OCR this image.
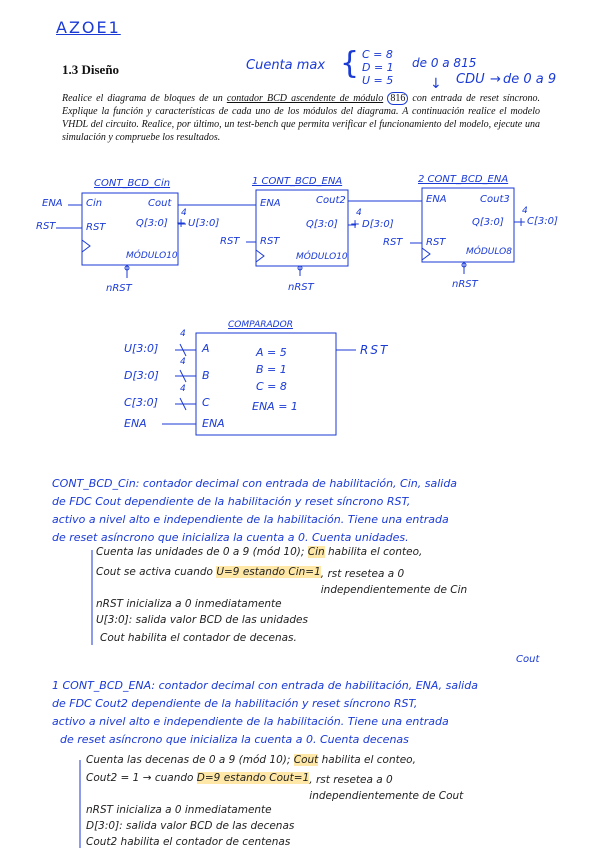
AZOE1
1.3 Diseño
Realice el diagrama de bloques de un contador BCD ascendente de módulo 816 con entrada de reset síncrono. Explique la función y características de cada uno de los módulos del diagrama. A continuación realice el modelo VHDL del circuito. Realice, por último, un test-bench que permita verificar el funcionamiento del modelo, ejecute una simulación y compruebe los resultados.
Cuenta max { C = 8
D = 1
U = 5
de 0 a 815
CDU de 0 a 9
→
↓
CONT_BCD_Cin
ENA
RST
Cin
RST
Cout
Q[3:0]
MÓDULO10
nRST
4
+ U[3:0]
1 CONT_BCD_ENA
ENA	Cout2
Q[3:0]
RST RST
MÓDULO10
nRST
4
+ D[3:0]
2 CONT_BCD_ENA
ENA	Cout3
Q[3:0]
RST RST
MÓDULO8
nRST
4
+ C[3:0]
COMPARADOR
U[3:0]
D[3:0]
C[3:0]
ENA
4
4
4
A
B
C
ENA
A = 5
B = 1
C = 8
ENA = 1
RST
CONT_BCD_Cin: contador decimal con entrada de habilitación, Cin, salida
de FDC Cout dependiente de la habilitación y reset síncrono RST,
activo a nivel alto e independiente de la habilitación. Tiene una entrada
de reset asíncrono que inicializa la cuenta a 0. Cuenta unidades.
Cuenta las unidades de 0 a 9 (mód 10); Cin habilita el conteo,
Cout se activa cuando U=9 estando Cin=1, rst resetea a 0 independientemente de Cin
nRST inicializa a 0 inmediatamente
U[3:0]: salida valor BCD de las unidades
Cout habilita el contador de decenas.
Cout
1 CONT_BCD_ENA: contador decimal con entrada de habilitación, ENA, salida
de FDC Cout2 dependiente de la habilitación y reset síncrono RST,
activo a nivel alto e independiente de la habilitación. Tiene una entrada
de reset asíncrono que inicializa la cuenta a 0. Cuenta decenas
Cuenta las decenas de 0 a 9 (mód 10); Cout habilita el conteo,
Cout2 = 1 → cuando D=9 estando Cout=1, rst resetea a 0 independientemente de Cout
nRST inicializa a 0 inmediatamente
D[3:0]: salida valor BCD de las decenas
Cout2 habilita el contador de centenas
